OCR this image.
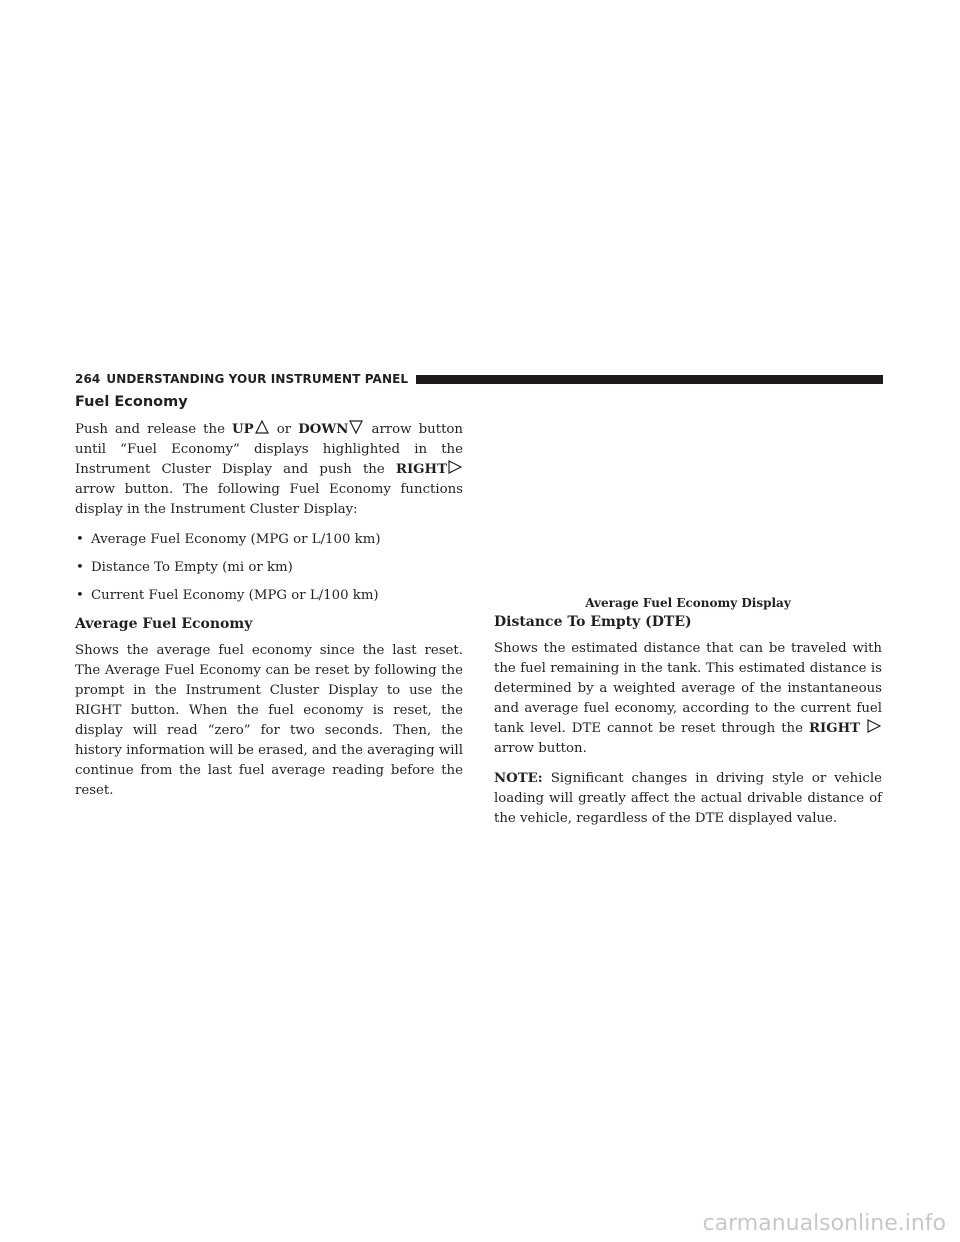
264 UNDERSTANDING YOUR INSTRUMENT PANEL
Fuel Economy

Push and release the UP or DOWN arrow button until “Fuel Economy” displays highlighted in the Instrument Cluster Display and push the RIGHT arrow button. The following Fuel Economy functions display in the Instrument Cluster Display:

• Average Fuel Economy (MPG or L/100 km)
• Distance To Empty (mi or km)
• Current Fuel Economy (MPG or L/100 km)
Average Fuel Economy

Shows the average fuel economy since the last reset. The Average Fuel Economy can be reset by following the prompt in the Instrument Cluster Display to use the RIGHT button. When the fuel economy is reset, the display will read “zero” for two seconds. Then, the history information will be erased, and the averaging will continue from the last fuel average reading before the reset.

Average Fuel Economy Display
Distance To Empty (DTE)

Shows the estimated distance that can be traveled with the fuel remaining in the tank. This estimated distance is determined by a weighted average of the instantaneous and average fuel economy, according to the current fuel tank level. DTE cannot be reset through the RIGHT  arrow button.

NOTE: Significant changes in driving style or vehicle loading will greatly affect the actual drivable distance of the vehicle, regardless of the DTE displayed value.

carmanualsonline.info
